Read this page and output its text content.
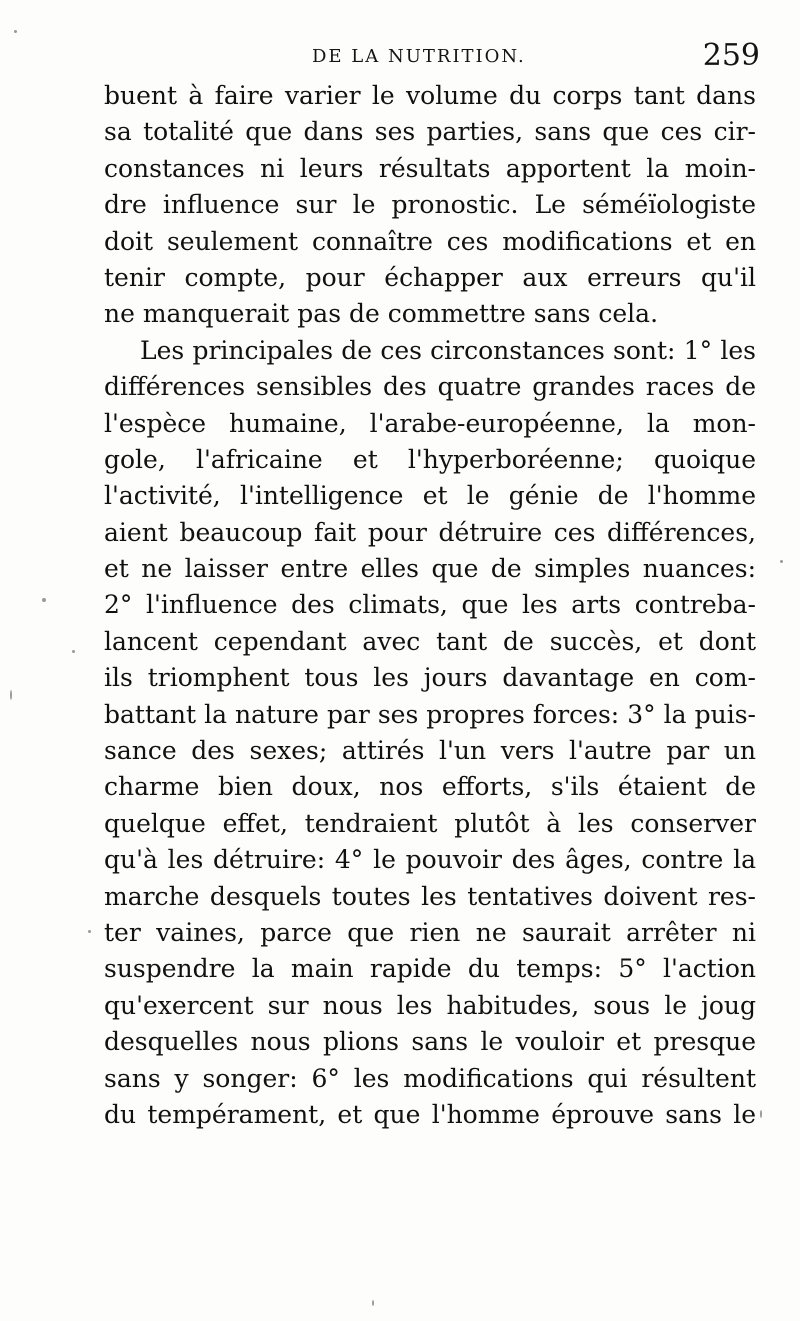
DE LA NUTRITION.	259
buent à faire varier le volume du corps tant dans
sa totalité que dans ses parties, sans que ces cir-
constances ni leurs résultats apportent la moin-
dre influence sur le pronostic. Le séméïologiste
doit seulement connaître ces modifications et en
tenir compte, pour échapper aux erreurs qu'il
ne manquerait pas de commettre sans cela.
Les principales de ces circonstances sont: 1° les
différences sensibles des quatre grandes races de
l'espèce humaine, l'arabe-européenne, la mon-
gole, l'africaine et l'hyperboréenne; quoique
l'activité, l'intelligence et le génie de l'homme
aient beaucoup fait pour détruire ces différences,
et ne laisser entre elles que de simples nuances:
2° l'influence des climats, que les arts contreba-
lancent cependant avec tant de succès, et dont
ils triomphent tous les jours davantage en com-
battant la nature par ses propres forces: 3° la puis-
sance des sexes; attirés l'un vers l'autre par un
charme bien doux, nos efforts, s'ils étaient de
quelque effet, tendraient plutôt à les conserver
qu'à les détruire: 4° le pouvoir des âges, contre la
marche desquels toutes les tentatives doivent res-
ter vaines, parce que rien ne saurait arrêter ni
suspendre la main rapide du temps: 5° l'action
qu'exercent sur nous les habitudes, sous le joug
desquelles nous plions sans le vouloir et presque
sans y songer: 6° les modifications qui résultent
du tempérament, et que l'homme éprouve sans le
